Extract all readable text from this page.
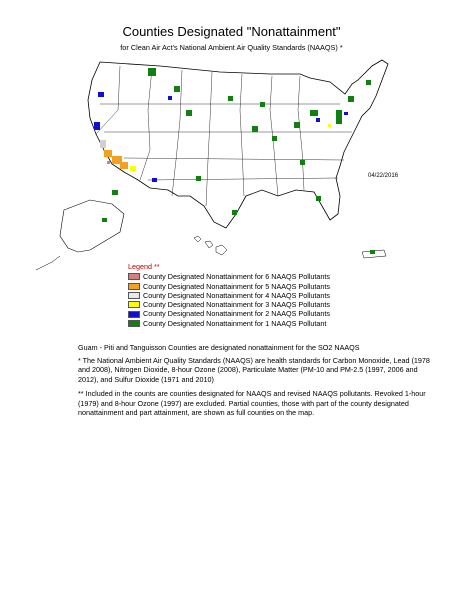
Counties Designated "Nonattainment"
for Clean Air Act's National Ambient Air Quality Standards (NAAQS) *
04/22/2016
Legend **
County Designated Nonattainment for 6 NAAQS Pollutants
County Designated Nonattainment for 5 NAAQS Pollutants
County Designated Nonattainment for 4 NAAQS Pollutants
County Designated Nonattainment for 3 NAAQS Pollutants
County Designated Nonattainment for 2 NAAQS Pollutants
County Designated Nonattainment for 1 NAAQS Pollutant

Guam - Piti and Tanguisson Counties are designated nonattainment for the SO2 NAAQS

* The National Ambient Air Quality Standards (NAAQS) are health standards for Carbon Monoxide, Lead (1978 and 2008), Nitrogen Dioxide, 8-hour Ozone (2008), Particulate Matter (PM-10 and PM-2.5 (1997, 2006 and 2012), and Sulfur Dioxide (1971 and 2010)

** Included in the counts are counties designated for NAAQS and revised NAAQS pollutants. Revoked 1-hour (1979) and 8-hour Ozone (1997) are excluded. Partial counties, those with part of the county designated nonattainment and part attainment, are shown as full counties on the map.
